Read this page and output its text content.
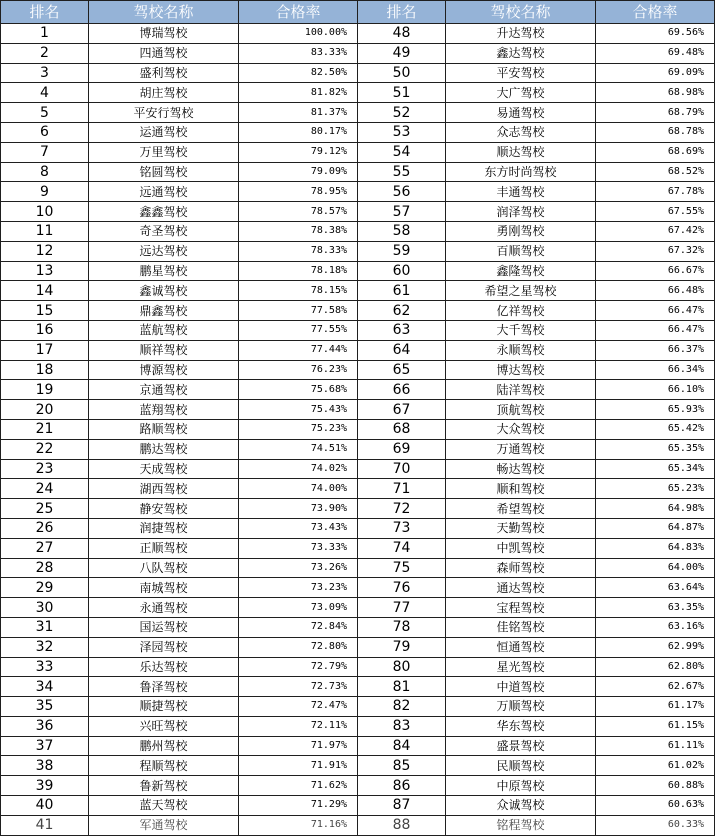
排名	驾校名称	合格率	排名	驾校名称	合格率
1	博瑞驾校	100.00%	48	升达驾校	69.56%
2	四通驾校	83.33%	49	鑫达驾校	69.48%
3	盛利驾校	82.50%	50	平安驾校	69.09%
4	胡庄驾校	81.82%	51	大广驾校	68.98%
5	平安行驾校	81.37%	52	易通驾校	68.79%
6	运通驾校	80.17%	53	众志驾校	68.78%
7	万里驾校	79.12%	54	顺达驾校	68.69%
8	铭圆驾校	79.09%	55	东方时尚驾校	68.52%
9	远通驾校	78.95%	56	丰通驾校	67.78%
10	鑫鑫驾校	78.57%	57	润泽驾校	67.55%
11	奇圣驾校	78.38%	58	勇刚驾校	67.42%
12	远达驾校	78.33%	59	百顺驾校	67.32%
13	鹏星驾校	78.18%	60	鑫隆驾校	66.67%
14	鑫诚驾校	78.15%	61	希望之星驾校	66.48%
15	鼎鑫驾校	77.58%	62	亿祥驾校	66.47%
16	蓝航驾校	77.55%	63	大千驾校	66.47%
17	顺祥驾校	77.44%	64	永顺驾校	66.37%
18	博源驾校	76.23%	65	博达驾校	66.34%
19	京通驾校	75.68%	66	陆洋驾校	66.10%
20	蓝翔驾校	75.43%	67	顶航驾校	65.93%
21	路顺驾校	75.23%	68	大众驾校	65.42%
22	鹏达驾校	74.51%	69	万通驾校	65.35%
23	天成驾校	74.02%	70	畅达驾校	65.34%
24	湖西驾校	74.00%	71	顺和驾校	65.23%
25	静安驾校	73.90%	72	希望驾校	64.98%
26	润捷驾校	73.43%	73	天勤驾校	64.87%
27	正顺驾校	73.33%	74	中凯驾校	64.83%
28	八队驾校	73.26%	75	森师驾校	64.00%
29	南城驾校	73.23%	76	通达驾校	63.64%
30	永通驾校	73.09%	77	宝程驾校	63.35%
31	国运驾校	72.84%	78	佳铭驾校	63.16%
32	泽园驾校	72.80%	79	恒通驾校	62.99%
33	乐达驾校	72.79%	80	星光驾校	62.80%
34	鲁泽驾校	72.73%	81	中道驾校	62.67%
35	顺捷驾校	72.47%	82	万顺驾校	61.17%
36	兴旺驾校	72.11%	83	华东驾校	61.15%
37	鹏州驾校	71.97%	84	盛景驾校	61.11%
38	程顺驾校	71.91%	85	民顺驾校	61.02%
39	鲁新驾校	71.62%	86	中原驾校	60.88%
40	蓝天驾校	71.29%	87	众诚驾校	60.63%
41	军通驾校	71.16%	88	铭程驾校	60.33%
